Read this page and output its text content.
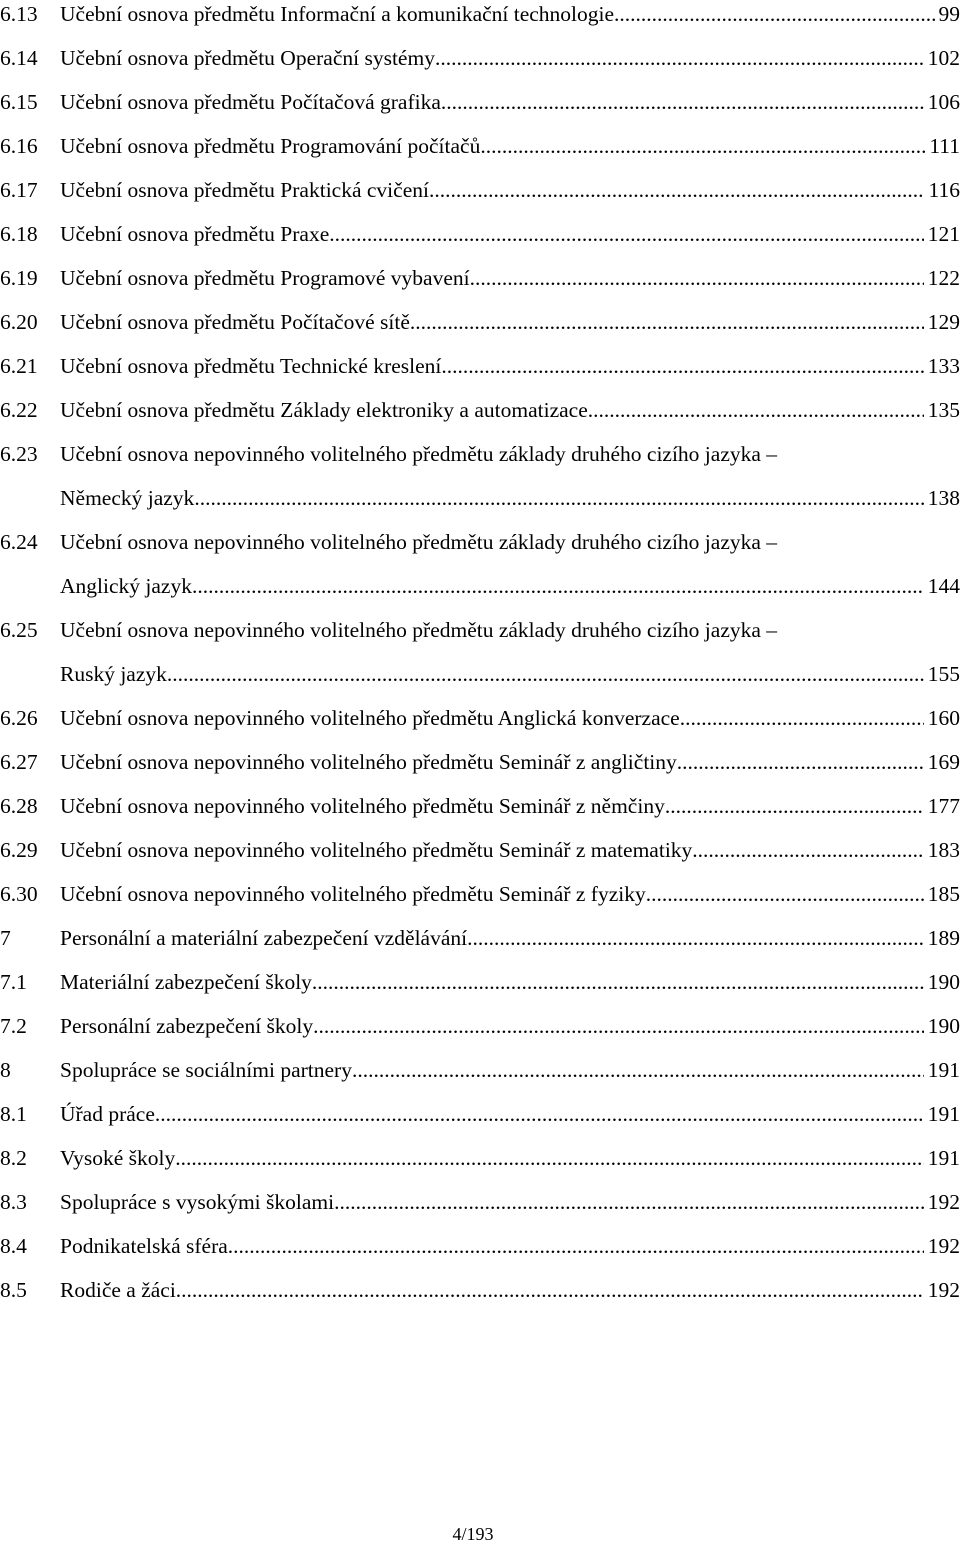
6.13	Učební osnova předmětu Informační a komunikační technologie .....	99
6.14	Učební osnova předmětu Operační systémy .....	102
6.15	Učební osnova předmětu Počítačová grafika .....	106
6.16	Učební osnova předmětu Programování počítačů .....	111
6.17	Učební osnova předmětu Praktická cvičení .....	116
6.18	Učební osnova předmětu Praxe .....	121
6.19	Učební osnova předmětu Programové vybavení .....	122
6.20	Učební osnova předmětu Počítačové sítě .....	129
6.21	Učební osnova předmětu Technické kreslení .....	133
6.22	Učební osnova předmětu Základy elektroniky a automatizace .....	135
6.23	Učební osnova nepovinného volitelného předmětu základy druhého cizího jazyka –
Německý jazyk .....	138
6.24	Učební osnova nepovinného volitelného předmětu základy druhého cizího jazyka –
Anglický jazyk .....	144
6.25	Učební osnova nepovinného volitelného předmětu základy druhého cizího jazyka –
Ruský jazyk .....	155
6.26	Učební osnova nepovinného volitelného předmětu Anglická konverzace .....	160
6.27	Učební osnova nepovinného volitelného předmětu Seminář z angličtiny .....	169
6.28	Učební osnova nepovinného volitelného předmětu Seminář z němčiny .....	177
6.29	Učební osnova nepovinného volitelného předmětu Seminář z matematiky .....	183
6.30	Učební osnova nepovinného volitelného předmětu Seminář z fyziky .....	185
7	Personální a materiální zabezpečení vzdělávání .....	189
7.1	Materiální zabezpečení školy .....	190
7.2	Personální zabezpečení školy .....	190
8	Spolupráce se sociálními partnery .....	191
8.1	Úřad práce .....	191
8.2	Vysoké školy .....	191
8.3	Spolupráce s vysokými školami .....	192
8.4	Podnikatelská sféra .....	192
8.5	Rodiče a žáci .....	192
4/193
